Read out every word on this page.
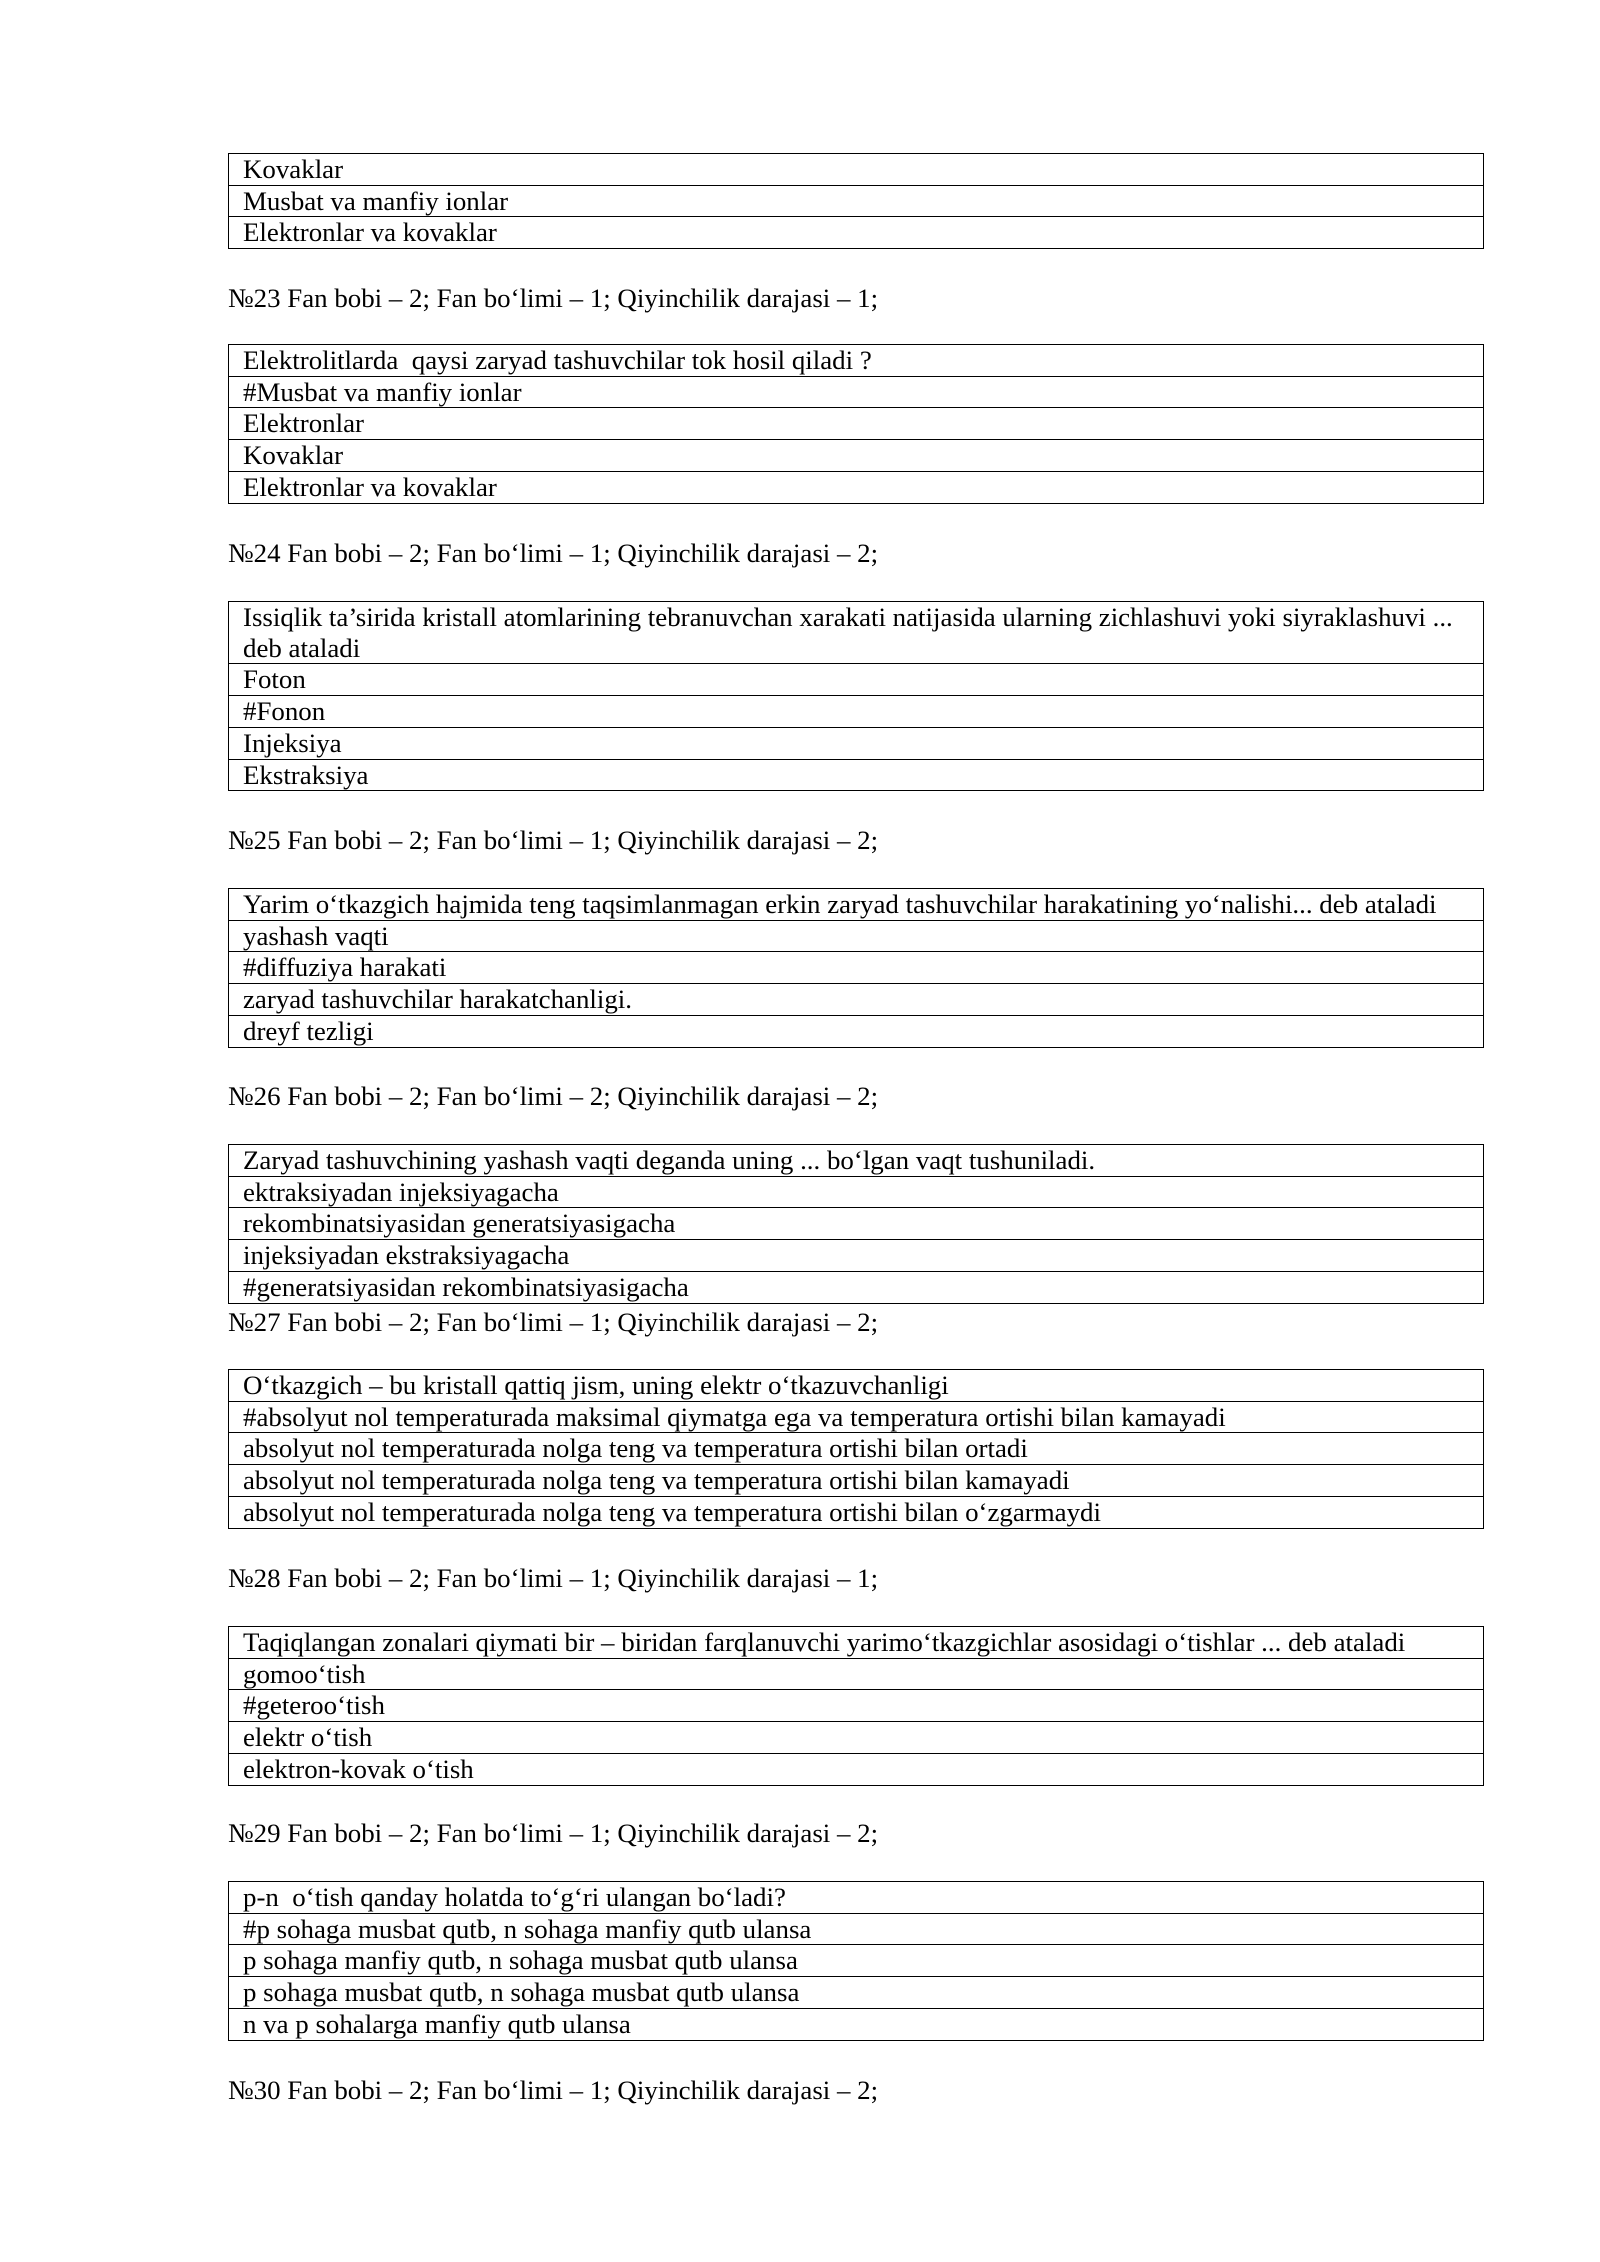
Kovaklar
Musbat va manfiy ionlar
Elektronlar va kovaklar
№23 Fan bobi – 2; Fan bo‘limi – 1; Qiyinchilik darajasi – 1;
Elektrolitlarda  qaysi zaryad tashuvchilar tok hosil qiladi ?
#Musbat va manfiy ionlar
Elektronlar
Kovaklar
Elektronlar va kovaklar
№24 Fan bobi – 2; Fan bo‘limi – 1; Qiyinchilik darajasi – 2;
Issiqlik ta’sirida kristall atomlarining tebranuvchan xarakati natijasida ularning zichlashuvi yoki siyraklashuvi ... deb ataladi
Foton
#Fonon
Injeksiya
Ekstraksiya
№25 Fan bobi – 2; Fan bo‘limi – 1; Qiyinchilik darajasi – 2;
Yarim o‘tkazgich hajmida teng taqsimlanmagan erkin zaryad tashuvchilar harakatining yo‘nalishi... deb ataladi
yashash vaqti
#diffuziya harakati
zaryad tashuvchilar harakatchanligi.
dreyf tezligi
№26 Fan bobi – 2; Fan bo‘limi – 2; Qiyinchilik darajasi – 2;
Zaryad tashuvchining yashash vaqti deganda uning ... bo‘lgan vaqt tushuniladi.
ektraksiyadan injeksiyagacha
rekombinatsiyasidan generatsiyasigacha
injeksiyadan ekstraksiyagacha
#generatsiyasidan rekombinatsiyasigacha
№27 Fan bobi – 2; Fan bo‘limi – 1; Qiyinchilik darajasi – 2;
O‘tkazgich – bu kristall qattiq jism, uning elektr o‘tkazuvchanligi
#absolyut nol temperaturada maksimal qiymatga ega va temperatura ortishi bilan kamayadi
absolyut nol temperaturada nolga teng va temperatura ortishi bilan ortadi
absolyut nol temperaturada nolga teng va temperatura ortishi bilan kamayadi
absolyut nol temperaturada nolga teng va temperatura ortishi bilan o‘zgarmaydi
№28 Fan bobi – 2; Fan bo‘limi – 1; Qiyinchilik darajasi – 1;
Taqiqlangan zonalari qiymati bir – biridan farqlanuvchi yarimo‘tkazgichlar asosidagi o‘tishlar ... deb ataladi
gomoo‘tish
#geteroo‘tish
elektr o‘tish
elektron-kovak o‘tish
№29 Fan bobi – 2; Fan bo‘limi – 1; Qiyinchilik darajasi – 2;
p-n  o‘tish qanday holatda to‘g‘ri ulangan bo‘ladi?
#p sohaga musbat qutb, n sohaga manfiy qutb ulansa
p sohaga manfiy qutb, n sohaga musbat qutb ulansa
p sohaga musbat qutb, n sohaga musbat qutb ulansa
n va p sohalarga manfiy qutb ulansa
№30 Fan bobi – 2; Fan bo‘limi – 1; Qiyinchilik darajasi – 2;
